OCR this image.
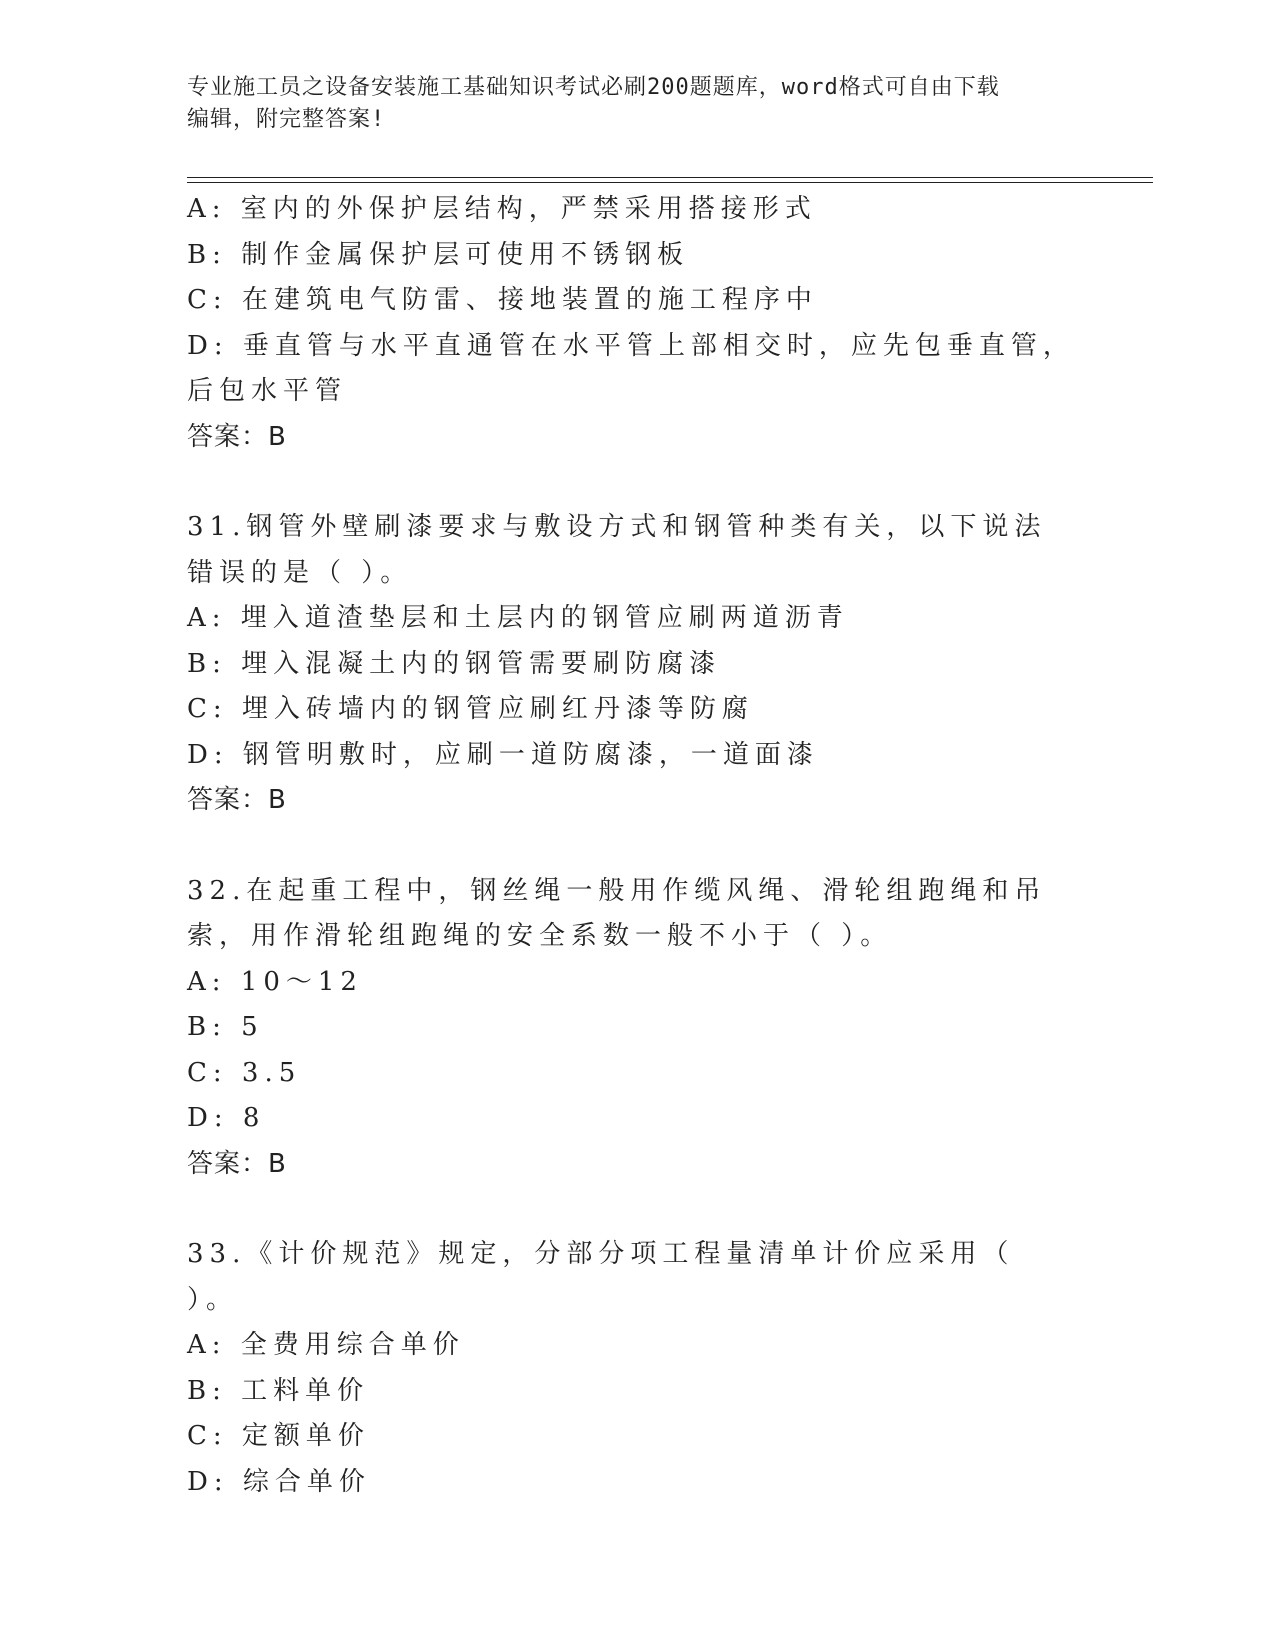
专业施工员之设备安装施工基础知识考试必刷200题题库，word格式可自由下载
编辑，附完整答案!
A: 室内的外保护层结构，严禁采用搭接形式
B: 制作金属保护层可使用不锈钢板
C: 在建筑电气防雷、接地装置的施工程序中
D: 垂直管与水平直通管在水平管上部相交时，应先包垂直管，后包水平管
答案：B
31.钢管外壁刷漆要求与敷设方式和钢管种类有关，以下说法错误的是（ ）。
A: 埋入道渣垫层和土层内的钢管应刷两道沥青
B: 埋入混凝土内的钢管需要刷防腐漆
C: 埋入砖墙内的钢管应刷红丹漆等防腐
D: 钢管明敷时，应刷一道防腐漆，一道面漆
答案：B
32.在起重工程中，钢丝绳一般用作缆风绳、滑轮组跑绳和吊索，用作滑轮组跑绳的安全系数一般不小于（ ）。
A: 10～12
B: 5
C: 3.5
D: 8
答案：B
33.《计价规范》规定，分部分项工程量清单计价应采用（ ）。
A: 全费用综合单价
B: 工料单价
C: 定额单价
D: 综合单价
